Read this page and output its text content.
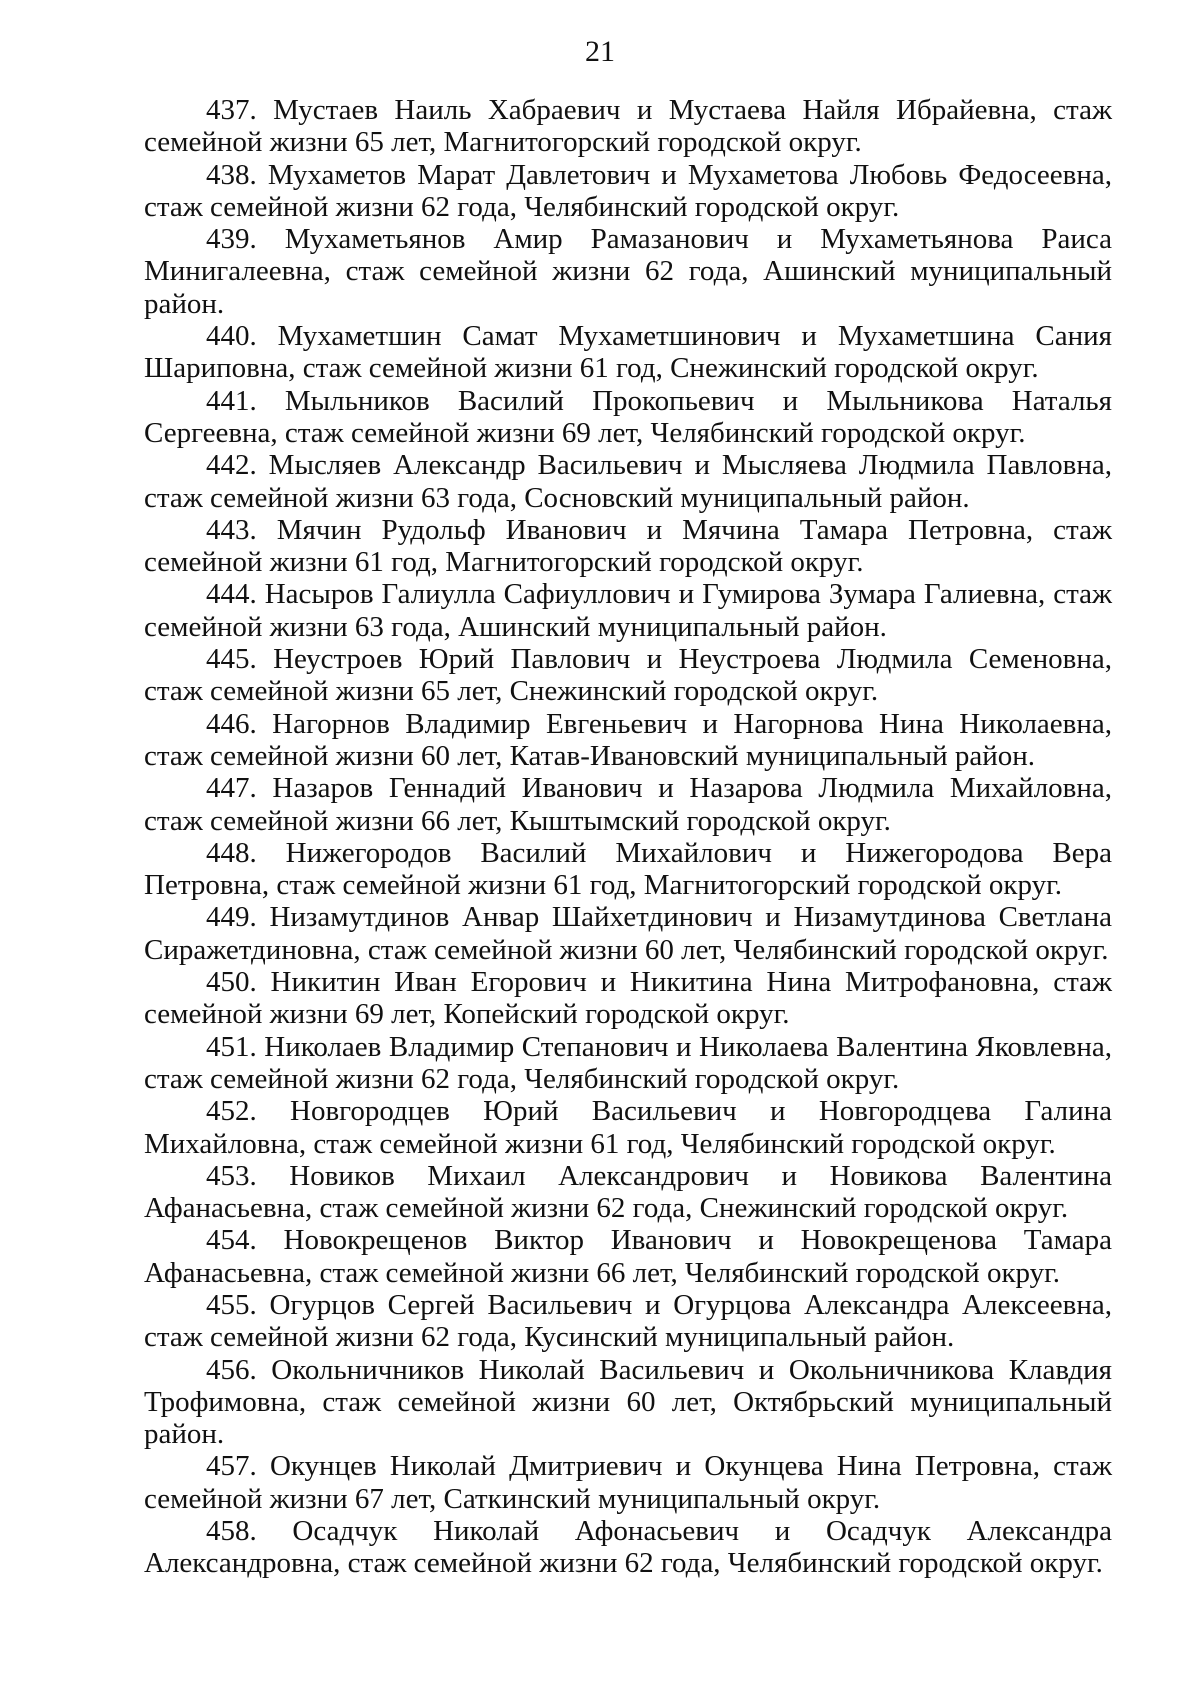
21

437. Мустаев Наиль Хабраевич и Мустаева Найля Ибрайевна, стаж семейной жизни 65 лет, Магнитогорский городской округ.

438. Мухаметов Марат Давлетович и Мухаметова Любовь Федосеевна, стаж семейной жизни 62 года, Челябинский городской округ.

439. Мухаметьянов Амир Рамазанович и Мухаметьянова Раиса Минигалеевна, стаж семейной жизни 62 года, Ашинский муниципальный район.

440. Мухаметшин Самат Мухаметшинович и Мухаметшина Сания Шариповна, стаж семейной жизни 61 год, Снежинский городской округ.

441. Мыльников Василий Прокопьевич и Мыльникова Наталья Сергеевна, стаж семейной жизни 69 лет, Челябинский городской округ.

442. Мысляев Александр Васильевич и Мысляева Людмила Павловна, стаж семейной жизни 63 года, Сосновский муниципальный район.

443. Мячин Рудольф Иванович и Мячина Тамара Петровна, стаж семейной жизни 61 год, Магнитогорский городской округ.

444. Насыров Галиулла Сафиуллович и Гумирова Зумара Галиевна, стаж семейной жизни 63 года, Ашинский муниципальный район.

445. Неустроев Юрий Павлович и Неустроева Людмила Семеновна, стаж семейной жизни 65 лет, Снежинский городской округ.

446. Нагорнов Владимир Евгеньевич и Нагорнова Нина Николаевна, стаж семейной жизни 60 лет, Катав-Ивановский муниципальный район.

447. Назаров Геннадий Иванович и Назарова Людмила Михайловна, стаж семейной жизни 66 лет, Кыштымский городской округ.

448. Нижегородов Василий Михайлович и Нижегородова Вера Петровна, стаж семейной жизни 61 год, Магнитогорский городской округ.

449. Низамутдинов Анвар Шайхетдинович и Низамутдинова Светлана Сиражетдиновна, стаж семейной жизни 60 лет, Челябинский городской округ.

450. Никитин Иван Егорович и Никитина Нина Митрофановна, стаж семейной жизни 69 лет, Копейский городской округ.

451. Николаев Владимир Степанович и Николаева Валентина Яковлевна, стаж семейной жизни 62 года, Челябинский городской округ.

452. Новгородцев Юрий Васильевич и Новгородцева Галина Михайловна, стаж семейной жизни 61 год, Челябинский городской округ.

453. Новиков Михаил Александрович и Новикова Валентина Афанасьевна, стаж семейной жизни 62 года, Снежинский городской округ.

454. Новокрещенов Виктор Иванович и Новокрещенова Тамара Афанасьевна, стаж семейной жизни 66 лет, Челябинский городской округ.

455. Огурцов Сергей Васильевич и Огурцова Александра Алексеевна, стаж семейной жизни 62 года, Кусинский муниципальный район.

456. Окольничников Николай Васильевич и Окольничникова Клавдия Трофимовна, стаж семейной жизни 60 лет, Октябрьский муниципальный район.

457. Окунцев Николай Дмитриевич и Окунцева Нина Петровна, стаж семейной жизни 67 лет, Саткинский муниципальный округ.

458. Осадчук Николай Афонасьевич и Осадчук Александра Александровна, стаж семейной жизни 62 года, Челябинский городской округ.
